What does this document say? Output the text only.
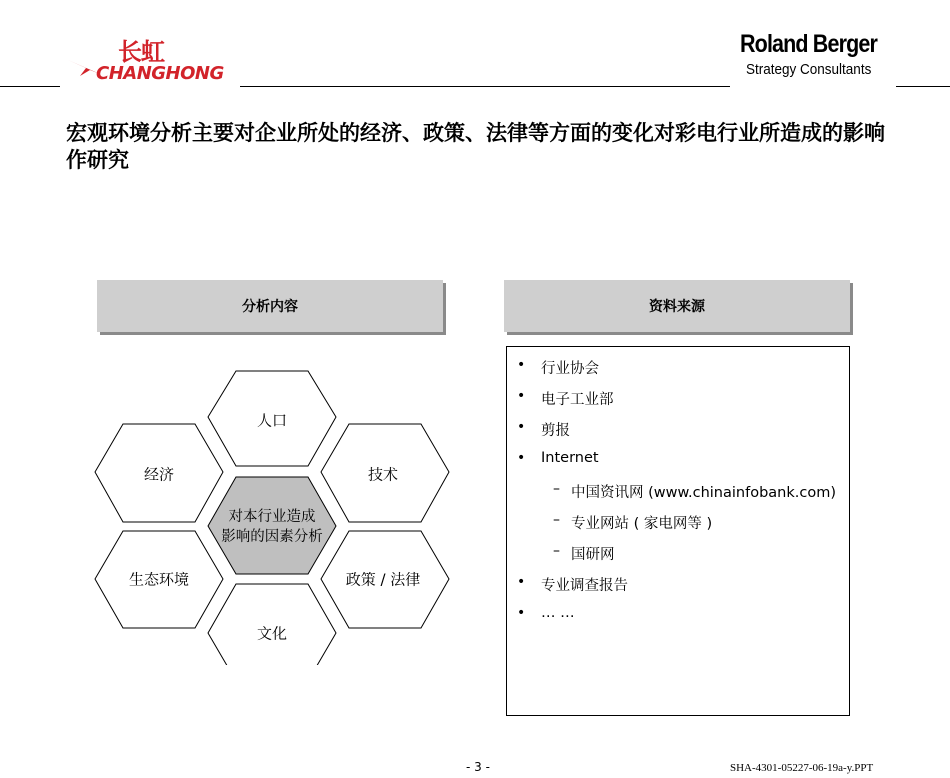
长虹
CHANGHONG
Roland Berger
Strategy Consultants
宏观环境分析主要对企业所处的经济、政策、法律等方面的变化对彩电行业所造成的影响作研究
分析内容	资料来源
人口
经济	技术
生态环境	政策 / 法律
文化
对本行业造成
影响的因素分析
• 行业协会
• 电子工业部
• 剪报
• Internet
– 中国资讯网 (www.chinainfobank.com)
– 专业网站 ( 家电网等 )
– 国研网
• 专业调查报告
• … …
- 3 -	SHA-4301-05227-06-19a-y.PPT
